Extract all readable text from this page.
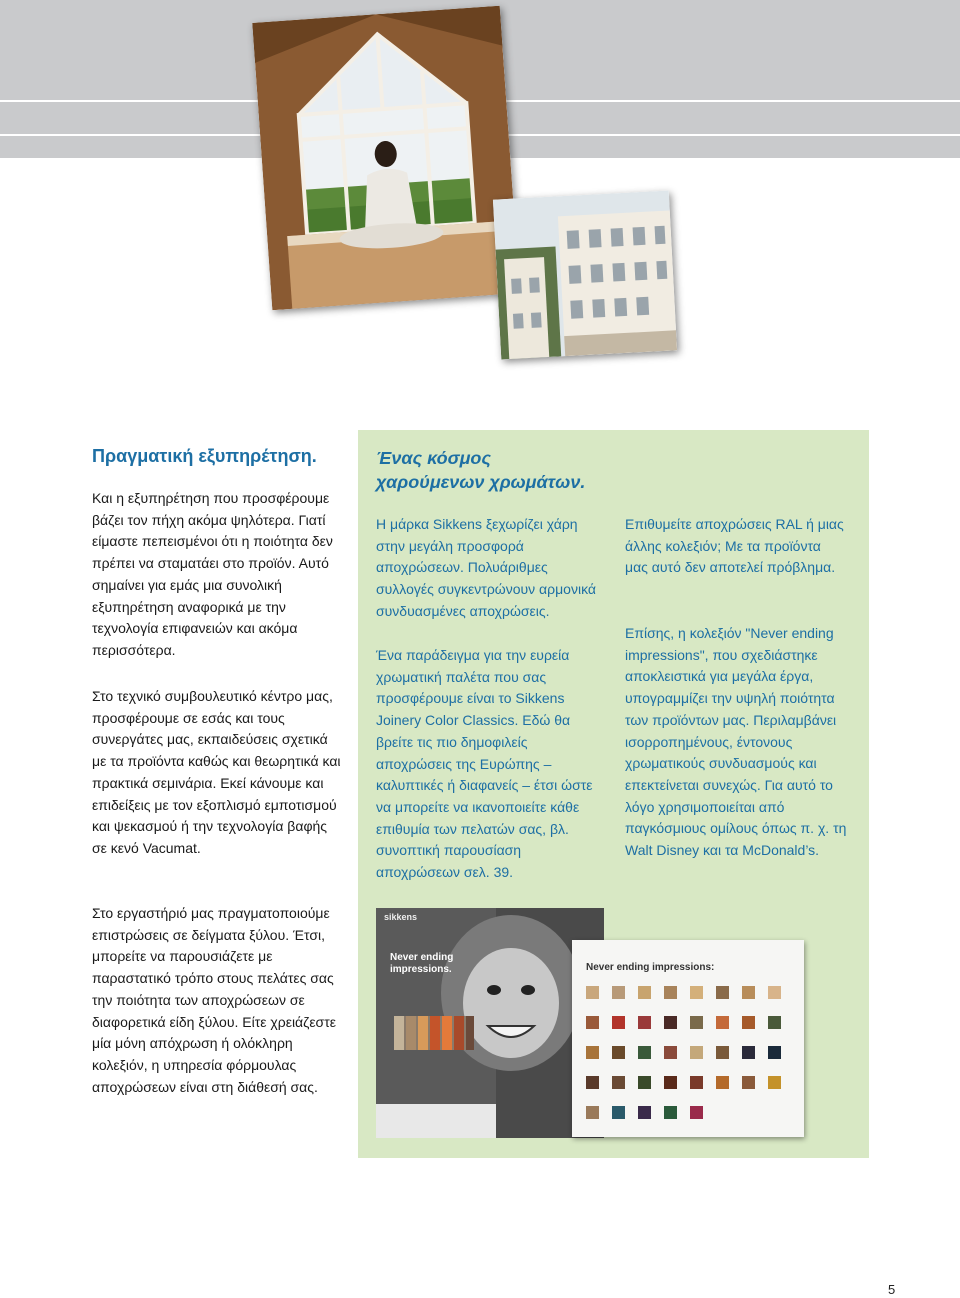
Πραγματική εξυπηρέτηση.

Και η εξυπηρέτηση που προσφέρουμε βάζει τον πήχη ακόμα ψηλότερα. Γιατί είμαστε πεπεισμένοι ότι η ποιότητα δεν πρέπει να σταματάει στο προϊόν. Αυτό σημαίνει για εμάς μια συνολική εξυπηρέτηση αναφορικά με την τεχνολογία επιφανειών και ακόμα περισσότερα.

Στο τεχνικό συμβουλευτικό κέντρο μας, προσφέρουμε σε εσάς και τους συνεργάτες μας, εκπαιδεύσεις σχετικά με τα προϊόντα καθώς και θεωρητικά και πρακτικά σεμινάρια. Εκεί κάνουμε και επιδείξεις με τον εξοπλισμό εμποτισμού και ψεκασμού ή την τεχνολογία βαφής σε κενό Vacumat.

Στο εργαστήριό μας πραγματοποιούμε επιστρώσεις σε δείγματα ξύλου. Έτσι, μπορείτε να παρουσιάζετε με παραστατικό τρόπο στους πελάτες σας την ποιότητα των αποχρώσεων σε διαφορετικά είδη ξύλου. Είτε χρειάζεστε μία μόνη απόχρωση ή ολόκληρη κολεξιόν, η υπηρεσία φόρμουλας αποχρώσεων είναι στη διάθεσή σας.

Ένας κόσμος χαρούμενων χρωμάτων.

Η μάρκα Sikkens ξεχωρίζει χάρη στην μεγάλη προσφορά αποχρώσεων. Πολυάριθμες συλλογές συγκεντρώνουν αρμονικά συνδυασμένες αποχρώσεις.

Ένα παράδειγμα για την ευρεία χρωματική παλέτα που σας προσφέρουμε είναι το Sikkens Joinery Color Classics. Εδώ θα βρείτε τις πιο δημοφιλείς αποχρώσεις της Ευρώπης – καλυπτικές ή διαφανείς – έτσι ώστε να μπορείτε να ικανοποιείτε κάθε επιθυμία των πελατών σας, βλ. συνοπτική παρουσίαση αποχρώσεων σελ. 39.

Επιθυμείτε αποχρώσεις RAL ή μιας άλλης κολεξιόν; Με τα προϊόντα μας αυτό δεν αποτελεί πρόβλημα.

Επίσης, η κολεξιόν "Never ending impressions", που σχεδιάστηκε αποκλειστικά για μεγάλα έργα, υπογραμμίζει την υψηλή ποιότητα των προϊόντων μας. Περιλαμβάνει ισορροπημένους, έντονους χρωματικούς συνδυασμούς και επεκτείνεται συνεχώς. Για αυτό το λόγο χρησιμοποιείται από παγκόσμιους ομίλους όπως π. χ. τη Walt Disney και τα McDonald’s.

sikkens
Never ending impressions.	Never ending impressions:
5
